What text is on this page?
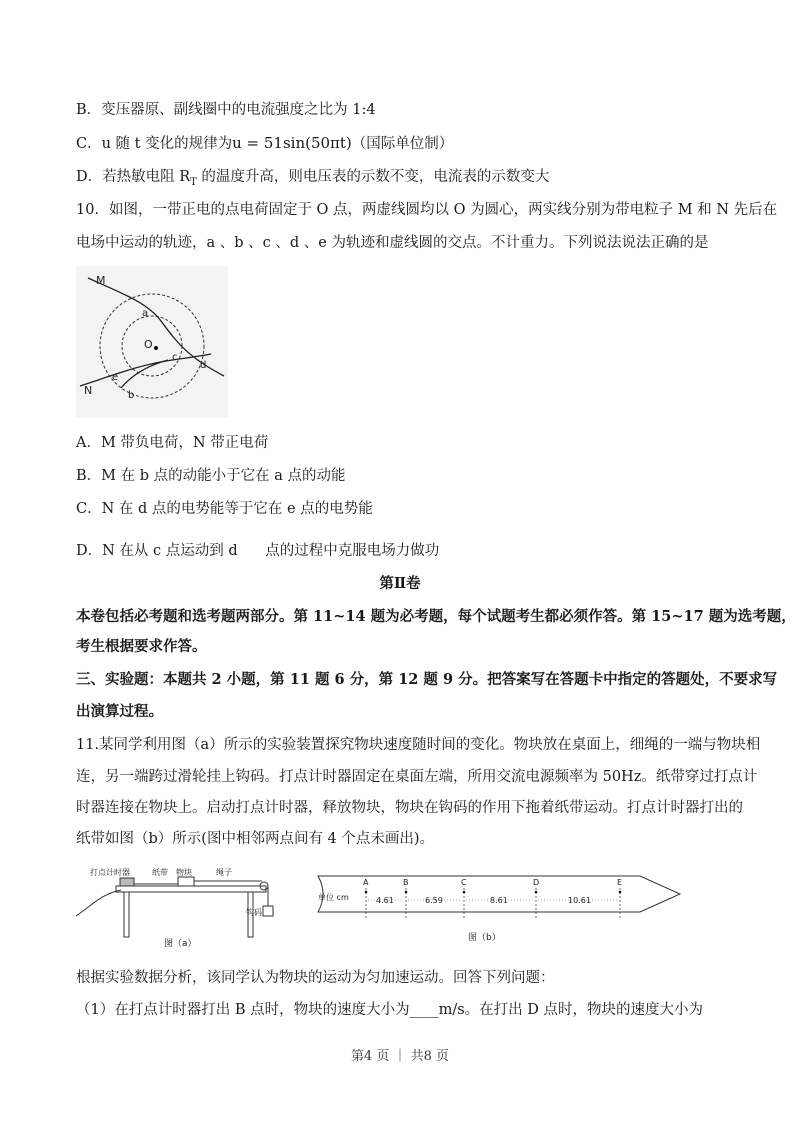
B．变压器原、副线圈中的电流强度之比为 1:4
C．u 随 t 变化的规律为u = 51sin(50πt)（国际单位制）
D．若热敏电阻 $R_T$ 的温度升高，则电压表的示数不变，电流表的示数变大
10．如图，一带正电的点电荷固定于 O 点，两虚线圆均以 O 为圆心，两实线分别为带电粒子 M 和 N 先后在
电场中运动的轨迹，a 、b 、c 、d 、e 为轨迹和虚线圆的交点。不计重力。下列说法说法正确的是
M
N
O
a
b
c
d
e
A．M 带负电荷，N 带正电荷
B．M 在 b 点的动能小于它在 a 点的动能
C．N 在 d 点的电势能等于它在 e 点的电势能
D．N 在从 c 点运动到 d      点的过程中克服电场力做功
第Ⅱ卷
本卷包括必考题和选考题两部分。第 11~14 题为必考题，每个试题考生都必须作答。第 15~17 题为选考题，
考生根据要求作答。
三、实验题：本题共 2 小题，第 11 题 6 分，第 12 题 9 分。把答案写在答题卡中指定的答题处，不要求写
出演算过程。
11.某同学利用图（a）所示的实验装置探究物块速度随时间的变化。物块放在桌面上，细绳的一端与物块相
连，另一端跨过滑轮挂上钩码。打点计时器固定在桌面左端，所用交流电源频率为 50Hz。纸带穿过打点计
时器连接在物块上。启动打点计时器，释放物块，物块在钩码的作用下拖着纸带运动。打点计时器打出的
纸带如图（b）所示(图中相邻两点间有 4 个点未画出)。
打点计时器	纸带 物块	绳子
钩码
图（a）
单位 cm
A	B	C	D	E
4.61	6.59	8.61	10.61
图（b）
根据实验数据分析，该同学认为物块的运动为匀加速运动。回答下列问题：
（1）在打点计时器打出 B 点时，物块的速度大小为____m/s。在打出 D 点时，物块的速度大小为
第4 页 ｜ 共8 页
